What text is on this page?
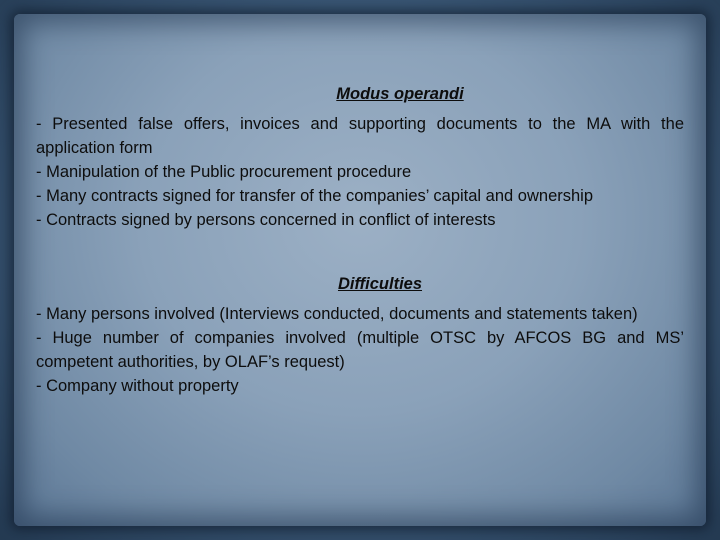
Modus operandi

- Presented false offers, invoices and supporting documents to the MA with the application form

- Manipulation of the Public procurement procedure

- Many contracts signed for transfer of the companies’ capital and ownership

- Contracts signed by persons concerned in conflict of interests

Difficulties

- Many persons involved (Interviews conducted, documents and statements taken)

- Huge number of companies involved (multiple OTSC by AFCOS BG and MS’ competent authorities, by OLAF’s request)

- Company without property
